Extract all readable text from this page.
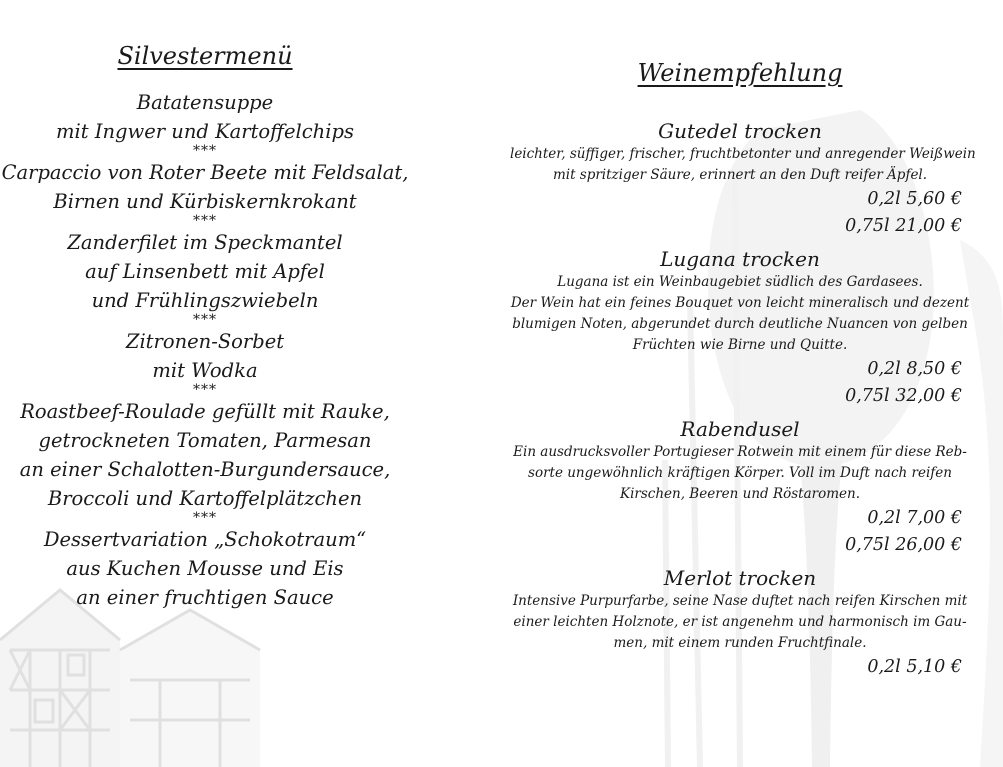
Silvestermenü
Batatensuppe
mit Ingwer und Kartoffelchips
***
Carpaccio von Roter Beete mit Feldsalat,
Birnen und Kürbiskernkrokant
***
Zanderfilet im Speckmantel
auf Linsenbett mit Apfel
und Frühlingszwiebeln
***
Zitronen-Sorbet
mit Wodka
***
Roastbeef-Roulade gefüllt mit Rauke,
getrockneten Tomaten, Parmesan
an einer Schalotten-Burgundersauce,
Broccoli und Kartoffelplätzchen
***
Dessertvariation „Schokotraum“
aus Kuchen Mousse und Eis
an einer fruchtigen Sauce
Weinempfehlung
Gutedel trocken
leichter, süffiger, frischer, fruchtbetonter und anregender Weißwein
mit spritziger Säure, erinnert an den Duft reifer Äpfel.
0,2l 5,60 €
0,75l 21,00 €
Lugana trocken
Lugana ist ein Weinbaugebiet südlich des Gardasees.
Der Wein hat ein feines Bouquet von leicht mineralisch und dezent
blumigen Noten, abgerundet durch deutliche Nuancen von gelben
Früchten wie Birne und Quitte.
0,2l 8,50 €
0,75l 32,00 €
Rabendusel
Ein ausdrucksvoller Portugieser Rotwein mit einem für diese Reb-
sorte ungewöhnlich kräftigen Körper. Voll im Duft nach reifen
Kirschen, Beeren und Röstaromen.
0,2l 7,00 €
0,75l 26,00 €
Merlot trocken
Intensive Purpurfarbe, seine Nase duftet nach reifen Kirschen mit
einer leichten Holznote, er ist angenehm und harmonisch im Gau-
men, mit einem runden Fruchtfinale.
0,2l 5,10 €
